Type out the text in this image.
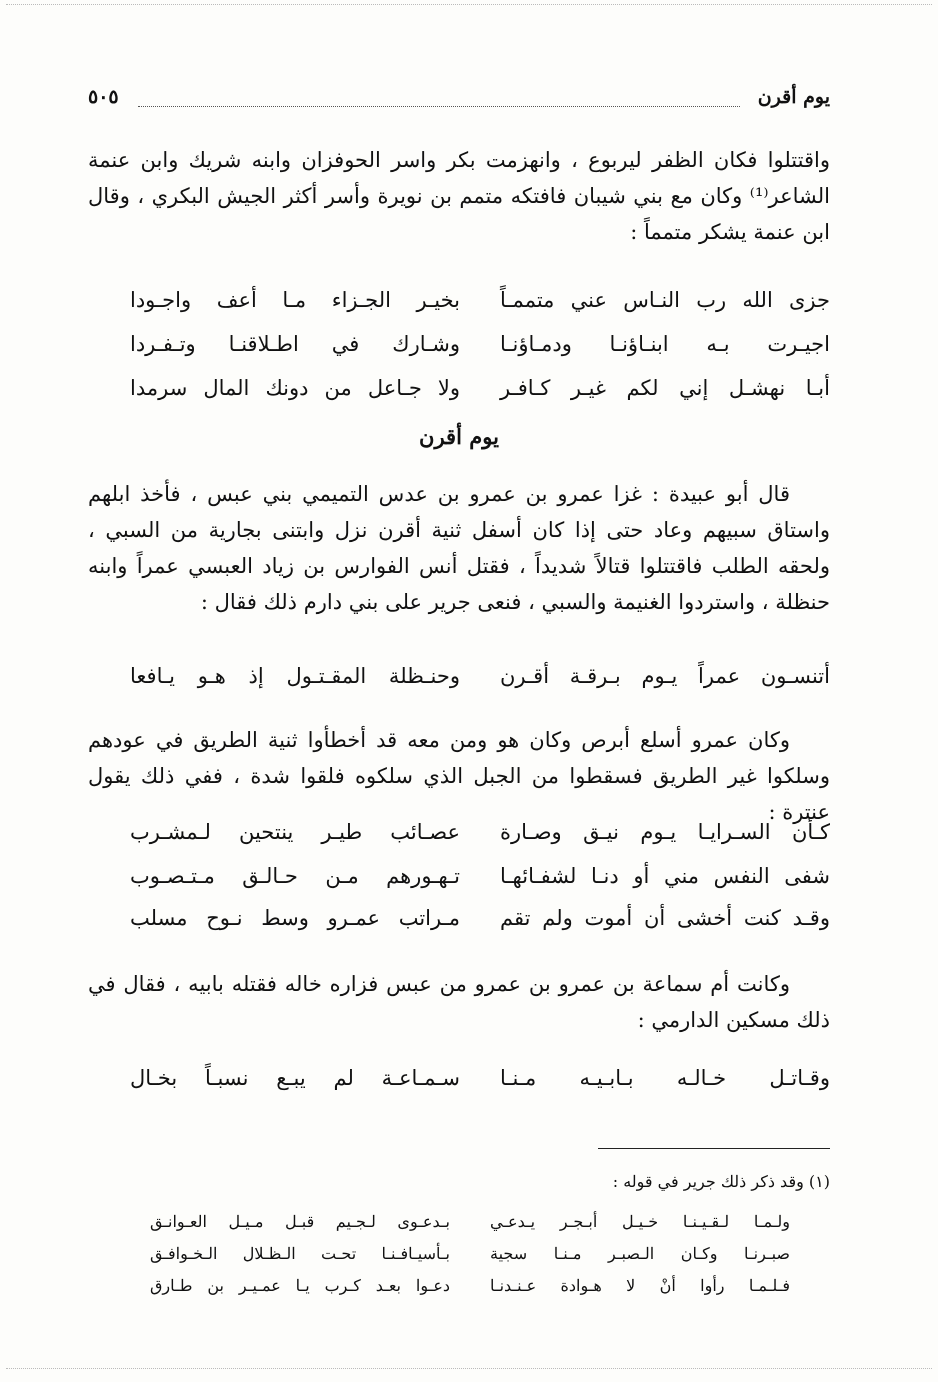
يوم أقرن
٥٠٥

واقتتلوا فكان الظفر ليربوع ، وانهزمت بكر واسر الحوفزان وابنه شريك وابن عنمة الشاعر⁽¹⁾ وكان مع بني شيبان فافتكه متمم بن نويرة وأسر أكثر الجيش البكري ، وقال ابن عنمة يشكر متمماً :

جزى الله رب النـاس عني متممـاً
بخيـر الجـزاء مـا أعف واجـودا
اجيـرت بـه ابنـاؤنـا ودمـاؤنـا
وشـارك في اطـلاقنـا وتـفـردا
أبـا نهشـل إني لكم غيـر كـافـر
ولا جـاعل من دونك المال سرمدا
يوم أقرن

قال أبو عبيدة : غزا عمرو بن عمرو بن عدس التميمي بني عبس ، فأخذ ابلهم واستاق سبيهم وعاد حتى إذا كان أسفل ثنية أقرن نزل وابتنى بجارية من السبي ، ولحقه الطلب فاقتتلوا قتالاً شديداً ، فقتل أنس الفوارس بن زياد العبسي عمراً وابنه حنظلة ، واستردوا الغنيمة والسبي ، فنعى جرير على بني دارم ذلك فقال :

أتنسـون عمراً يـوم بـرقـة أقـرن
وحنـظلة المقـتـول إذ هـو يـافعا

وكان عمرو أسلع أبرص وكان هو ومن معه قد أخطأوا ثنية الطريق في عودهم وسلكوا غير الطريق فسقطوا من الجبل الذي سلكوه فلقوا شدة ، ففي ذلك يقول عنترة :

كـأن السـرايـا يـوم نيـق وصـارة
عصـائب طيـر ينتحين لـمشـرب
شفى النفس مني أو دنـا لشفـائهـا
تـهـورهم مـن حـالـق مـتـصـوب
وقـد كنت أخشى أن أموت ولم تقم
مـراتب عمـرو وسط نـوح مسلب

وكانت أم سماعة بن عمرو بن عمرو من عبس فزاره خاله فقتله بابيه ، فقال في ذلك مسكين الدارمي :

وقـاتـل خـالـه بـابـيـه مـنـا
سـمـاعـة لم يبـع نسبـاً بخـال
(١) وقد ذكر ذلك جرير في قوله :
ولـمـا لـقـيـنـا خـيـل أبـجـر يـدعـي
بـدعـوى لـجـيم قبـل مـيـل العـوانـق
صبـرنـا وكـان الـصبـر مـنـا سجية
بـأسيـافـنـا تحـت الـظـلال الـخـوافـق
فـلـمـا رأوا أنْ لا هـوادة عـنـدنـا
دعـوا بعـد كـرب يـا عمـيـر بن طـارق
